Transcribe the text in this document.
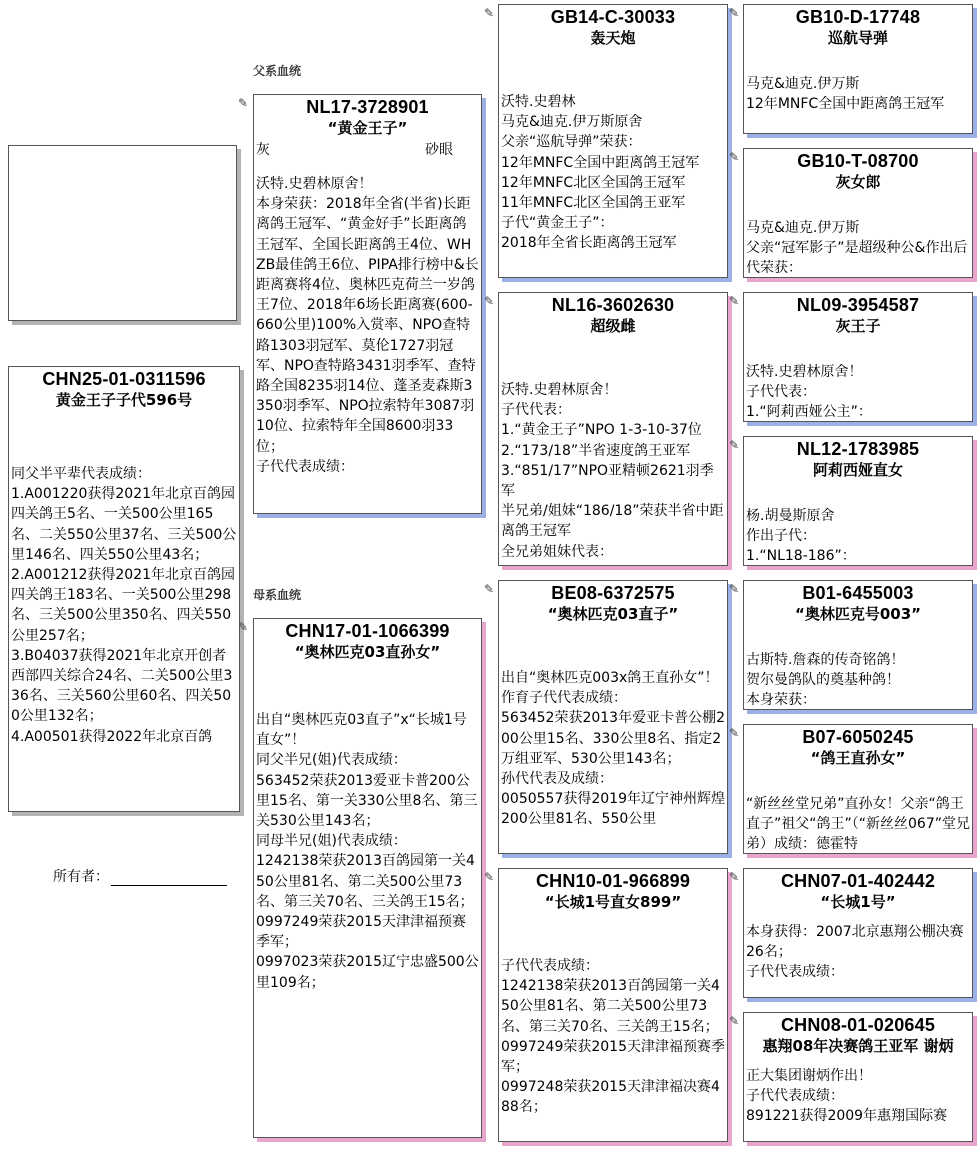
父系血统
母系血统
所有者：
CHN25-01-0311596
黄金王子子代596号
同父半平辈代表成绩：
1.A001220获得2021年北京百鸽园四关鸽王5名、一关500公里165名、二关550公里37名、三关500公里146名、四关550公里43名；
2.A001212获得2021年北京百鸽园四关鸽王183名、一关500公里298名、三关500公里350名、四关550公里257名；
3.B04037获得2021年北京开创者西部四关综合24名、二关500公里336名、三关560公里60名、四关500公里132名；
4.A00501获得2022年北京百鸽
✎	NL17-3728901
“黄金王子”
灰	砂眼
沃特.史碧林原舍！
本身荣获：2018年全省(半省)长距离鸽王冠军、“黄金好手”长距离鸽王冠军、全国长距离鸽王4位、WHZB最佳鸽王6位、PIPA排行榜中&长距离赛将4位、奥林匹克荷兰一岁鸽王7位、2018年6场长距离赛(600-660公里)100%入赏率、NPO查特路1303羽冠军、莫伦1727羽冠军、NPO查特路3431羽季军、查特路全国8235羽14位、蓬圣麦森斯3350羽季军、NPO拉索特年3087羽10位、拉索特年全国8600羽33位；
子代代表成绩：
✎	CHN17-01-1066399
“奥林匹克03直孙女”
出自“奥林匹克03直子”x“长城1号直女”！
同父半兄(姐)代表成绩：
563452荣获2013爱亚卡普200公里15名、第一关330公里8名、第三关530公里143名；
同母半兄(姐)代表成绩：
1242138荣获2013百鸽园第一关450公里81名、第二关500公里73名、第三关70名、三关鸽王15名；
0997249荣获2015天津津福预赛季军；
0997023荣获2015辽宁忠盛500公里109名；
✎	GB14-C-30033
轰天炮
沃特.史碧林
马克&迪克.伊万斯原舍
父亲“巡航导弹”荣获：
12年MNFC全国中距离鸽王冠军
12年MNFC北区全国鸽王冠军
11年MNFC北区全国鸽王亚军
子代“黄金王子”：
2018年全省长距离鸽王冠军
✎	NL16-3602630
超级雌
沃特.史碧林原舍！
子代代表：
1.“黄金王子”NPO 1-3-10-37位
2.“173/18”半省速度鸽王亚军
3.“851/17”NPO亚精顿2621羽季军
半兄弟/姐妹“186/18”荣获半省中距离鸽王冠军
全兄弟姐妹代表：
✎	BE08-6372575
“奥林匹克03直子”
出自“奥林匹克003x鸽王直孙女”！作育子代代表成绩：
563452荣获2013年爱亚卡普公棚200公里15名、330公里8名、指定2万组亚军、530公里143名；
孙代代表及成绩：
0050557获得2019年辽宁神州辉煌200公里81名、550公里
✎	CHN10-01-966899
“长城1号直女899”
子代代表成绩：
1242138荣获2013百鸽园第一关450公里81名、第二关500公里73名、第三关70名、三关鸽王15名；
0997249荣获2015天津津福预赛季军；
0997248荣获2015天津津福决赛488名；
✎	GB10-D-17748
巡航导弹
马克&迪克.伊万斯
12年MNFC全国中距离鸽王冠军
✎	GB10-T-08700
灰女郎
马克&迪克.伊万斯
父亲“冠军影子”是超级种公&作出后代荣获：
✎	NL09-3954587
灰王子
沃特.史碧林原舍！
子代代表：
1.“阿莉西娅公主”：
✎	NL12-1783985
阿莉西娅直女
杨.胡曼斯原舍
作出子代：
1.“NL18-186”：
✎	B01-6455003
“奥林匹克号003”
古斯特.詹森的传奇铭鸽！
贺尔曼鸽队的奠基种鸽！
本身荣获：
✎	B07-6050245
“鸽王直孙女”
“新丝丝堂兄弟”直孙女！父亲“鸽王直子”祖父“鸽王”（“新丝丝067”堂兄弟）成绩：德霍特
✎	CHN07-01-402442
“长城1号”
本身获得：2007北京惠翔公棚决赛26名；
子代代表成绩：
✎	CHN08-01-020645
惠翔08年决赛鸽王亚军 谢炳
正大集团谢炳作出！
子代代表成绩：
891221获得2009年惠翔国际赛
